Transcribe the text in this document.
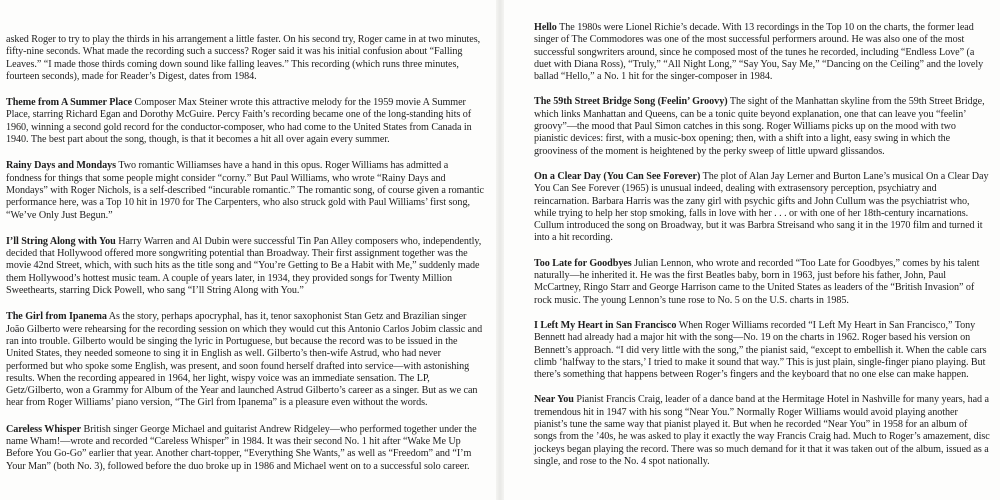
asked Roger to try to play the thirds in his arrangement a little faster. On his second try, Roger came in at two minutes, fifty-nine seconds. What made the recording such a success? Roger said it was his initial confusion about “Falling Leaves.” “I made those thirds coming down sound like falling leaves.” This recording (which runs three minutes, fourteen seconds), made for Reader’s Digest, dates from 1984.

Theme from A Summer Place Composer Max Steiner wrote this attractive melody for the 1959 movie A Summer Place, starring Richard Egan and Dorothy McGuire. Percy Faith’s recording became one of the long-standing hits of 1960, winning a second gold record for the conductor-composer, who had come to the United States from Canada in 1940. The best part about the song, though, is that it becomes a hit all over again every summer.

Rainy Days and Mondays Two romantic Williamses have a hand in this opus. Roger Williams has admitted a fondness for things that some people might consider “corny.” But Paul Williams, who wrote “Rainy Days and Mondays” with Roger Nichols, is a self-described “incurable romantic.” The romantic song, of course given a romantic performance here, was a Top 10 hit in 1970 for The Carpenters, who also struck gold with Paul Williams’ first song, “We’ve Only Just Begun.”

I’ll String Along with You Harry Warren and Al Dubin were successful Tin Pan Alley composers who, independently, decided that Hollywood offered more songwriting potential than Broadway. Their first assignment together was the movie 42nd Street, which, with such hits as the title song and “You’re Getting to Be a Habit with Me,” suddenly made them Hollywood’s hottest music team. A couple of years later, in 1934, they provided songs for Twenty Million Sweethearts, starring Dick Powell, who sang “I’ll String Along with You.”

The Girl from Ipanema As the story, perhaps apocryphal, has it, tenor saxophonist Stan Getz and Brazilian singer João Gilberto were rehearsing for the recording session on which they would cut this Antonio Carlos Jobim classic and ran into trouble. Gilberto would be singing the lyric in Portuguese, but because the record was to be issued in the United States, they needed someone to sing it in English as well. Gilberto’s then-wife Astrud, who had never performed but who spoke some English, was present, and soon found herself drafted into service—with astonishing results. When the recording appeared in 1964, her light, wispy voice was an immediate sensation. The LP, Getz/Gilberto, won a Grammy for Album of the Year and launched Astrud Gilberto’s career as a singer. But as we can hear from Roger Williams’ piano version, “The Girl from Ipanema” is a pleasure even without the words.

Careless Whisper British singer George Michael and guitarist Andrew Ridgeley—who performed together under the name Wham!—wrote and recorded “Careless Whisper” in 1984. It was their second No. 1 hit after “Wake Me Up Before You Go-Go” earlier that year. Another chart-topper, “Everything She Wants,” as well as “Freedom” and “I’m Your Man” (both No. 3), followed before the duo broke up in 1986 and Michael went on to a successful solo career.

Hello The 1980s were Lionel Richie’s decade. With 13 recordings in the Top 10 on the charts, the former lead singer of The Commodores was one of the most successful performers around. He was also one of the most successful songwriters around, since he composed most of the tunes he recorded, including “Endless Love” (a duet with Diana Ross), “Truly,” “All Night Long,” “Say You, Say Me,” “Dancing on the Ceiling” and the lovely ballad “Hello,” a No. 1 hit for the singer-composer in 1984.

The 59th Street Bridge Song (Feelin’ Groovy) The sight of the Manhattan skyline from the 59th Street Bridge, which links Manhattan and Queens, can be a tonic quite beyond explanation, one that can leave you “feelin’ groovy”—the mood that Paul Simon catches in this song. Roger Williams picks up on the mood with two pianistic devices: first, with a music-box opening; then, with a shift into a light, easy swing in which the grooviness of the moment is heightened by the perky sweep of little upward glissandos.

On a Clear Day (You Can See Forever) The plot of Alan Jay Lerner and Burton Lane’s musical On a Clear Day You Can See Forever (1965) is unusual indeed, dealing with extrasensory perception, psychiatry and reincarnation. Barbara Harris was the zany girl with psychic gifts and John Cullum was the psychiatrist who, while trying to help her stop smoking, falls in love with her . . . or with one of her 18th-century incarnations. Cullum introduced the song on Broadway, but it was Barbra Streisand who sang it in the 1970 film and turned it into a hit recording.

Too Late for Goodbyes Julian Lennon, who wrote and recorded “Too Late for Goodbyes,” comes by his talent naturally—he inherited it. He was the first Beatles baby, born in 1963, just before his father, John, Paul McCartney, Ringo Starr and George Harrison came to the United States as leaders of the “British Invasion” of rock music. The young Lennon’s tune rose to No. 5 on the U.S. charts in 1985.

I Left My Heart in San Francisco When Roger Williams recorded “I Left My Heart in San Francisco,” Tony Bennett had already had a major hit with the song—No. 19 on the charts in 1962. Roger based his version on Bennett’s approach. “I did very little with the song,” the pianist said, “except to embellish it. When the cable cars climb ‘halfway to the stars,’ I tried to make it sound that way.” This is just plain, single-finger piano playing. But there’s something that happens between Roger’s fingers and the keyboard that no one else can make happen.

Near You Pianist Francis Craig, leader of a dance band at the Hermitage Hotel in Nashville for many years, had a tremendous hit in 1947 with his song “Near You.” Normally Roger Williams would avoid playing another pianist’s tune the same way that pianist played it. But when he recorded “Near You” in 1958 for an album of songs from the ’40s, he was asked to play it exactly the way Francis Craig had. Much to Roger’s amazement, disc jockeys began playing the record. There was so much demand for it that it was taken out of the album, issued as a single, and rose to the No. 4 spot nationally.
